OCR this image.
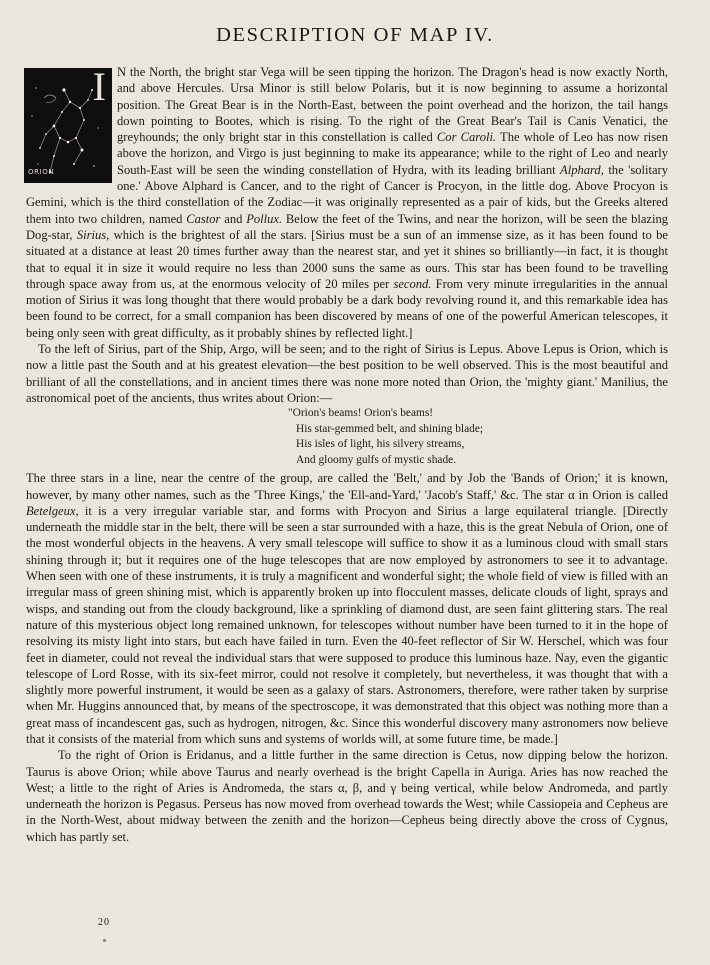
DESCRIPTION OF MAP IV.
I
ORION

N the North, the bright star Vega will be seen tipping the horizon. The Dragon's head is now exactly North, and above Hercules. Ursa Minor is still below Polaris, but it is now beginning to assume a horizontal position. The Great Bear is in the North-East, between the point overhead and the horizon, the tail hangs down pointing to Bootes, which is rising. To the right of the Great Bear's Tail is Canis Venatici, the greyhounds; the only bright star in this constellation is called Cor Caroli. The whole of Leo has now risen above the horizon, and Virgo is just beginning to make its appearance; while to the right of Leo and nearly South-East will be seen the winding constellation of Hydra, with its leading brilliant Alphard, the 'solitary one.' Above Alphard is Cancer, and to the right of Cancer is Procyon, in the little dog. Above Procyon is Gemini, which is the third constellation of the Zodiac—it was originally represented as a pair of kids, but the Greeks altered them into two children, named Castor and Pollux. Below the feet of the Twins, and near the horizon, will be seen the blazing Dog-star, Sirius, which is the brightest of all the stars. [Sirius must be a sun of an immense size, as it has been found to be situated at a distance at least 20 times further away than the nearest star, and yet it shines so brilliantly—in fact, it is thought that to equal it in size it would require no less than 2000 suns the same as ours. This star has been found to be travelling through space away from us, at the enormous velocity of 20 miles per second. From very minute irregularities in the annual motion of Sirius it was long thought that there would probably be a dark body revolving round it, and this remarkable idea has been found to be correct, for a small companion has been discovered by means of one of the powerful American telescopes, it being only seen with great difficulty, as it probably shines by reflected light.]

To the left of Sirius, part of the Ship, Argo, will be seen; and to the right of Sirius is Lepus. Above Lepus is Orion, which is now a little past the South and at his greatest elevation—the best position to be well observed. This is the most beautiful and brilliant of all the constellations, and in ancient times there was none more noted than Orion, the 'mighty giant.' Manilius, the astronomical poet of the ancients, thus writes about Orion:—

"Orion's beams! Orion's beams!
His star-gemmed belt, and shining blade;
His isles of light, his silvery streams,
And gloomy gulfs of mystic shade.

The three stars in a line, near the centre of the group, are called the 'Belt,' and by Job the 'Bands of Orion;' it is known, however, by many other names, such as the 'Three Kings,' the 'Ell-and-Yard,' 'Jacob's Staff,' &c. The star α in Orion is called Betelgeux, it is a very irregular variable star, and forms with Procyon and Sirius a large equilateral triangle. [Directly underneath the middle star in the belt, there will be seen a star surrounded with a haze, this is the great Nebula of Orion, one of the most wonderful objects in the heavens. A very small telescope will suffice to show it as a luminous cloud with small stars shining through it; but it requires one of the huge telescopes that are now employed by astronomers to see it to advantage. When seen with one of these instruments, it is truly a magnificent and wonderful sight; the whole field of view is filled with an irregular mass of green shining mist, which is apparently broken up into flocculent masses, delicate clouds of light, sprays and wisps, and standing out from the cloudy background, like a sprinkling of diamond dust, are seen faint glittering stars. The real nature of this mysterious object long remained unknown, for telescopes without number have been turned to it in the hope of resolving its misty light into stars, but each have failed in turn. Even the 40-feet reflector of Sir W. Herschel, which was four feet in diameter, could not reveal the individual stars that were supposed to produce this luminous haze. Nay, even the gigantic telescope of Lord Rosse, with its six-feet mirror, could not resolve it completely, but nevertheless, it was thought that with a slightly more powerful instrument, it would be seen as a galaxy of stars. Astronomers, therefore, were rather taken by surprise when Mr. Huggins announced that, by means of the spectroscope, it was demonstrated that this object was nothing more than a great mass of incandescent gas, such as hydrogen, nitrogen, &c. Since this wonderful discovery many astronomers now believe that it consists of the material from which suns and systems of worlds will, at some future time, be made.]

To the right of Orion is Eridanus, and a little further in the same direction is Cetus, now dipping below the horizon. Taurus is above Orion; while above Taurus and nearly overhead is the bright Capella in Auriga. Aries has now reached the West; a little to the right of Aries is Andromeda, the stars α, β, and γ being vertical, while below Andromeda, and partly underneath the horizon is Pegasus. Perseus has now moved from overhead towards the West; while Cassiopeia and Cepheus are in the North-West, about midway between the zenith and the horizon—Cepheus being directly above the cross of Cygnus, which has partly set.

20
